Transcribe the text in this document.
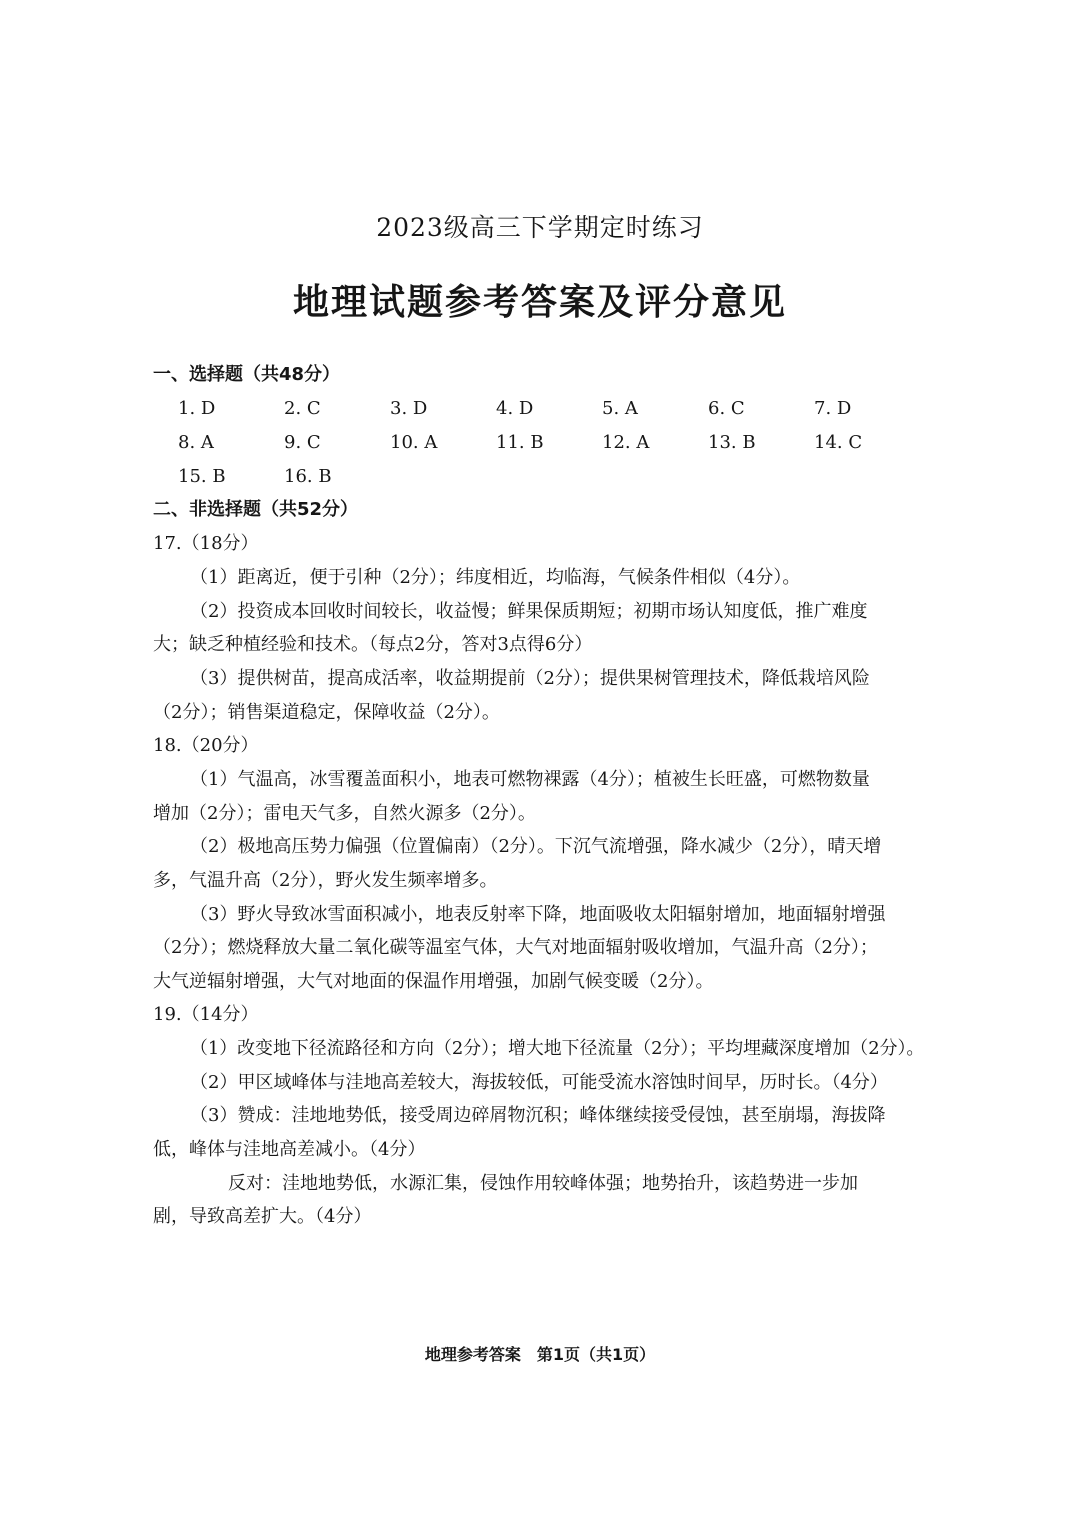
2023级高三下学期定时练习
地理试题参考答案及评分意见
一、选择题（共48分）
1. D	2. C	3. D	4. D	5. A	6. C	7. D
8. A	9. C	10. A	11. B	12. A	13. B	14. C
15. B	16. B
二、非选择题（共52分）
17.（18分）
（1）距离近，便于引种（2分）；纬度相近，均临海，气候条件相似（4分）。
（2）投资成本回收时间较长，收益慢；鲜果保质期短；初期市场认知度低，推广难度
大；缺乏种植经验和技术。（每点2分，答对3点得6分）
（3）提供树苗，提高成活率，收益期提前（2分）；提供果树管理技术，降低栽培风险
（2分）；销售渠道稳定，保障收益（2分）。
18.（20分）
（1）气温高，冰雪覆盖面积小，地表可燃物裸露（4分）；植被生长旺盛，可燃物数量
增加（2分）；雷电天气多，自然火源多（2分）。
（2）极地高压势力偏强（位置偏南）（2分）。下沉气流增强，降水减少（2分），晴天增
多，气温升高（2分），野火发生频率增多。
（3）野火导致冰雪面积减小，地表反射率下降，地面吸收太阳辐射增加，地面辐射增强
（2分）；燃烧释放大量二氧化碳等温室气体，大气对地面辐射吸收增加，气温升高（2分）；
大气逆辐射增强，大气对地面的保温作用增强，加剧气候变暖（2分）。
19.（14分）
（1）改变地下径流路径和方向（2分）；增大地下径流量（2分）；平均埋藏深度增加（2分）。
（2）甲区域峰体与洼地高差较大，海拔较低，可能受流水溶蚀时间早，历时长。（4分）
（3）赞成：洼地地势低，接受周边碎屑物沉积；峰体继续接受侵蚀，甚至崩塌，海拔降
低，峰体与洼地高差减小。（4分）
反对：洼地地势低，水源汇集，侵蚀作用较峰体强；地势抬升，该趋势进一步加
剧，导致高差扩大。（4分）
地理参考答案　第1页（共1页）
